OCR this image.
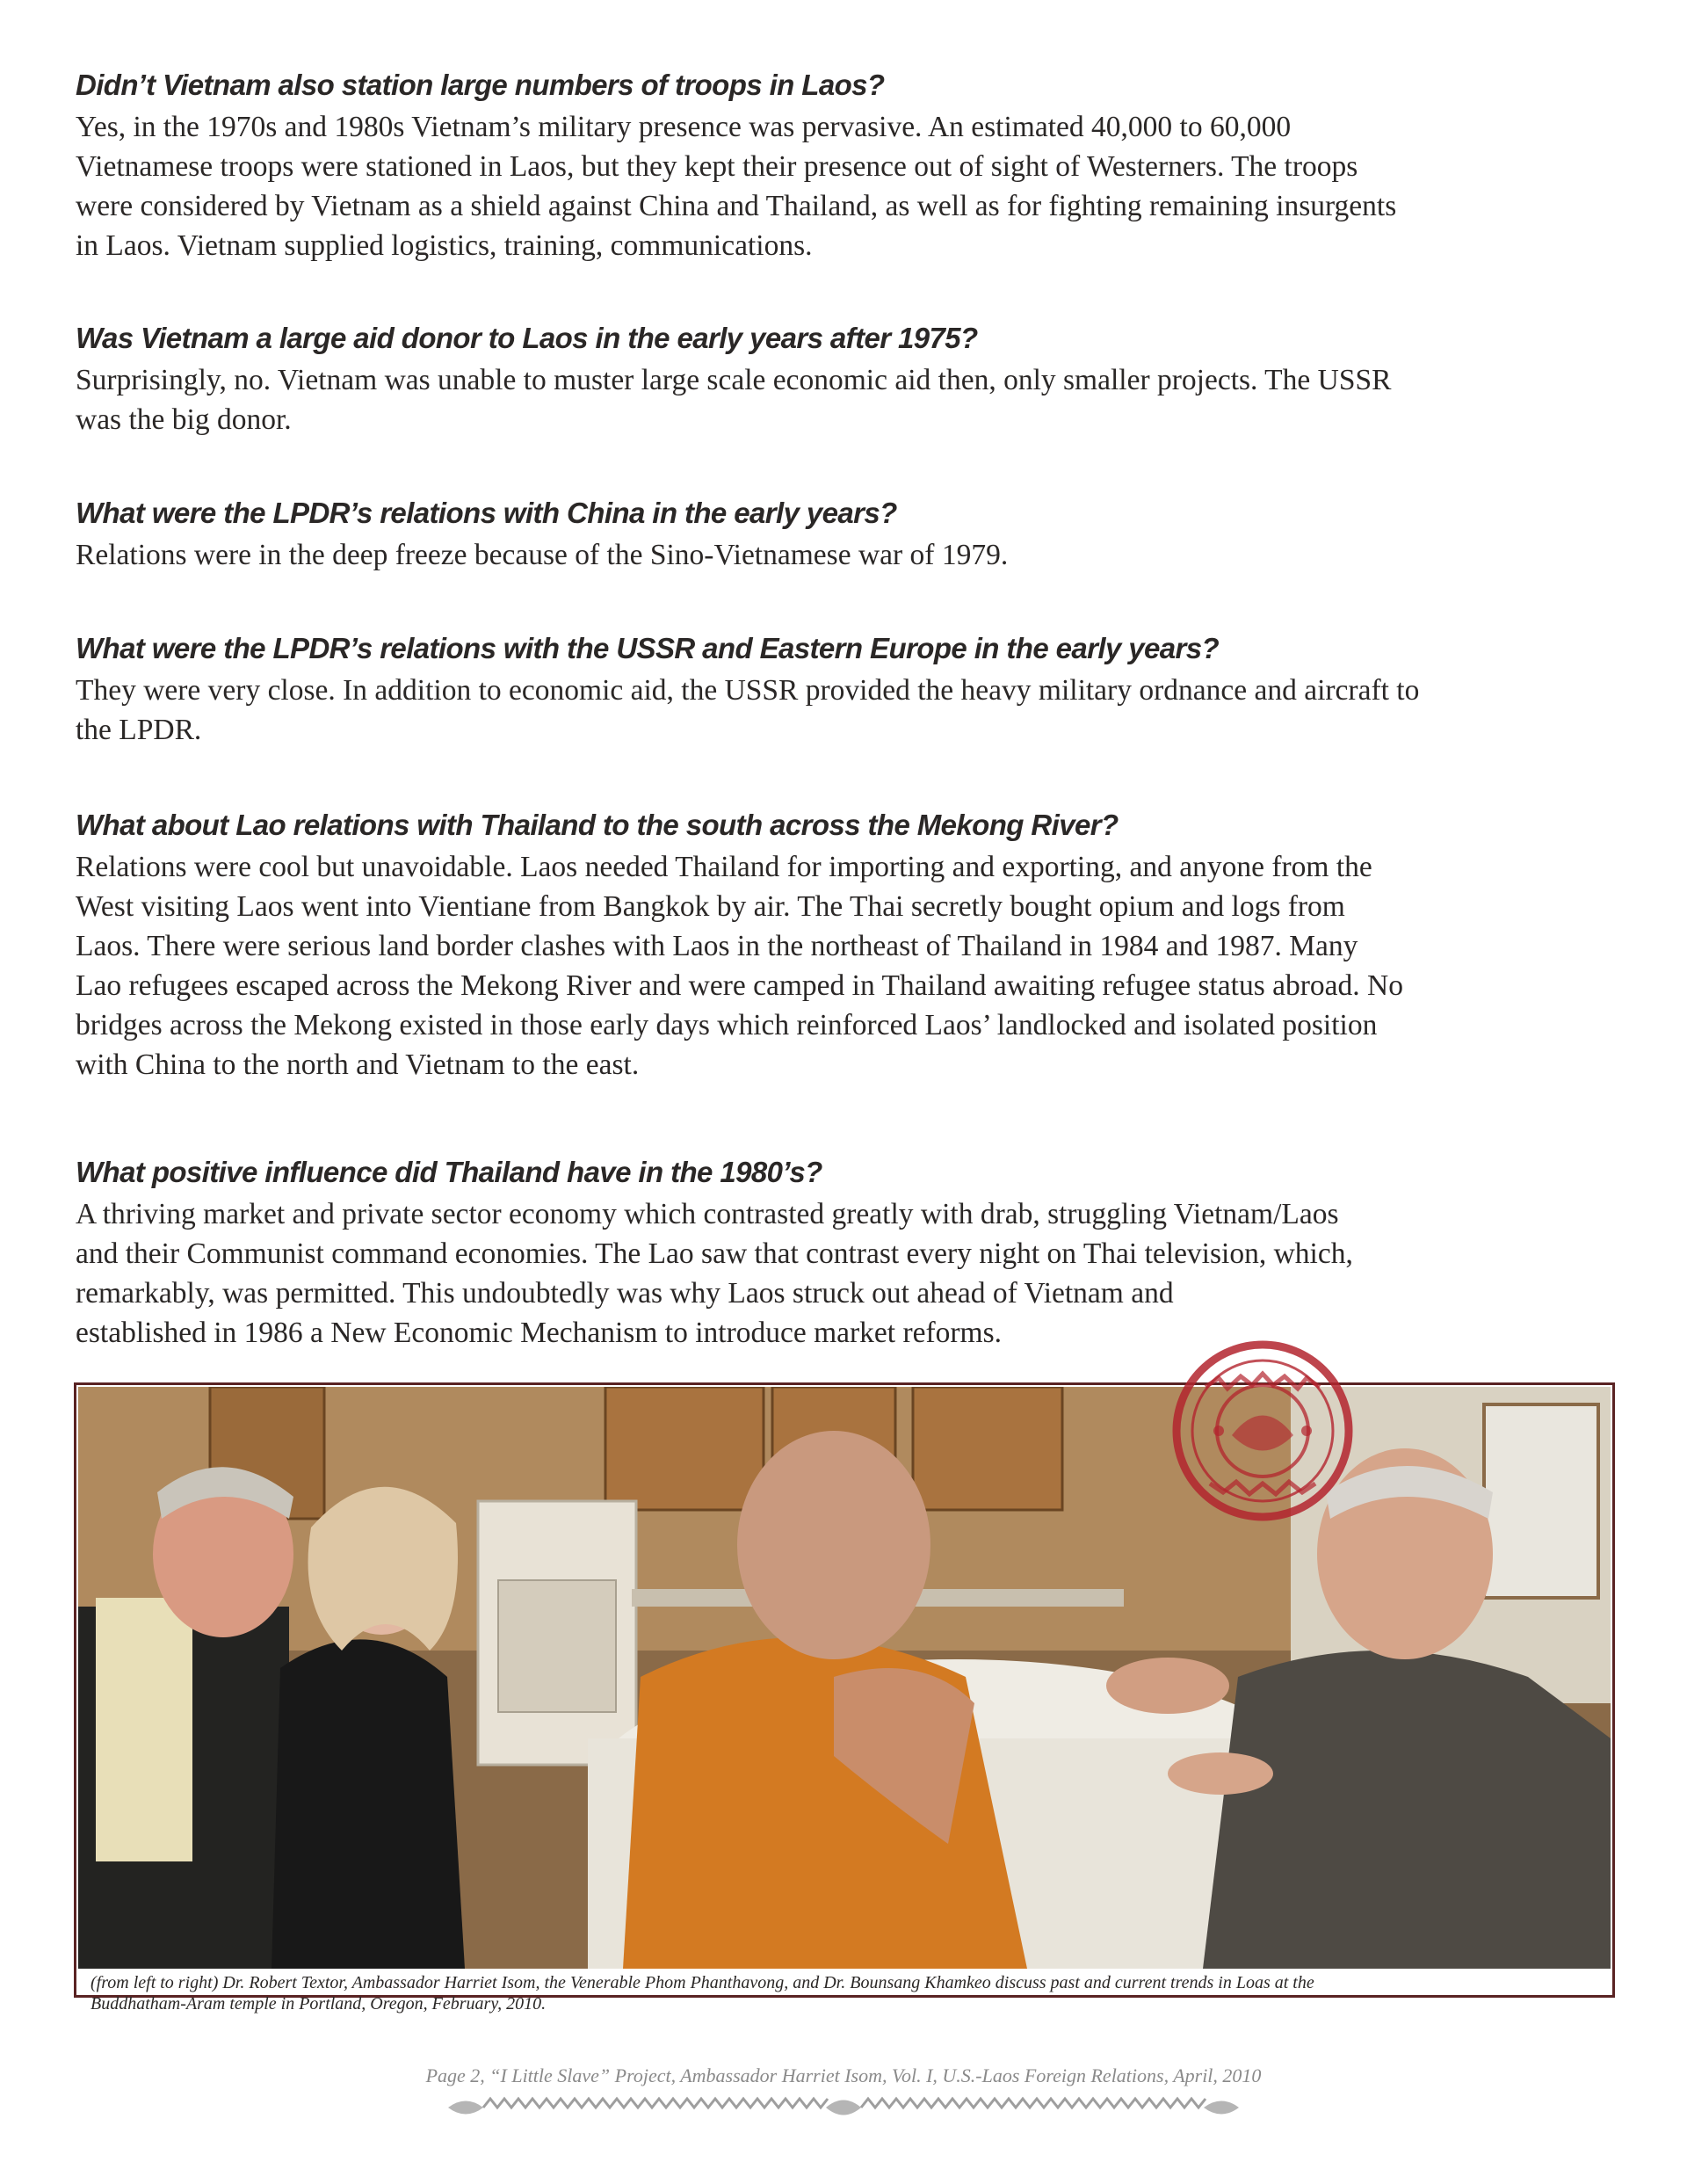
Didn’t Vietnam also station large numbers of troops in Laos?

Yes, in the 1970s and 1980s Vietnam’s military presence was pervasive. An estimated 40,000 to 60,000
Vietnamese troops were stationed in Laos, but they kept their presence out of sight of Westerners. The troops
were considered by Vietnam as a shield against China and Thailand, as well as for fighting remaining insurgents
in Laos. Vietnam supplied logistics, training, communications.

Was Vietnam a large aid donor to Laos in the early years after 1975?

Surprisingly, no. Vietnam was unable to muster large scale economic aid then, only smaller projects. The USSR
was the big donor.

What were the LPDR’s relations with China in the early years?

Relations were in the deep freeze because of the Sino-Vietnamese war of 1979.

What were the LPDR’s relations with the USSR and Eastern Europe in the early years?

They were very close. In addition to economic aid, the USSR provided the heavy military ordnance and aircraft to
the LPDR.

What about Lao relations with Thailand to the south across the Mekong River?

Relations were cool but unavoidable. Laos needed Thailand for importing and exporting, and anyone from the
West visiting Laos went into Vientiane from Bangkok by air. The Thai secretly bought opium and logs from
Laos. There were serious land border clashes with Laos in the northeast of Thailand in 1984 and 1987. Many
Lao refugees escaped across the Mekong River and were camped in Thailand awaiting refugee status abroad. No
bridges across the Mekong existed in those early days which reinforced Laos’ landlocked and isolated position
with China to the north and Vietnam to the east.

What positive influence did Thailand have in the 1980’s?

A thriving market and private sector economy which contrasted greatly with drab, struggling Vietnam/Laos
and their Communist command economies. The Lao saw that contrast every night on Thai television, which,
remarkably, was permitted. This undoubtedly was why Laos struck out ahead of Vietnam and
established in 1986 a New Economic Mechanism to introduce market reforms.

(from left to right) Dr. Robert Textor, Ambassador Harriet Isom, the Venerable Phom Phanthavong, and Dr. Bounsang Khamkeo discuss past and current trends in Loas at the
Buddhatham-Aram temple in Portland, Oregon, February, 2010.
Page 2, “I Little Slave” Project, Ambassador Harriet Isom, Vol. I, U.S.-Laos Foreign Relations, April, 2010
